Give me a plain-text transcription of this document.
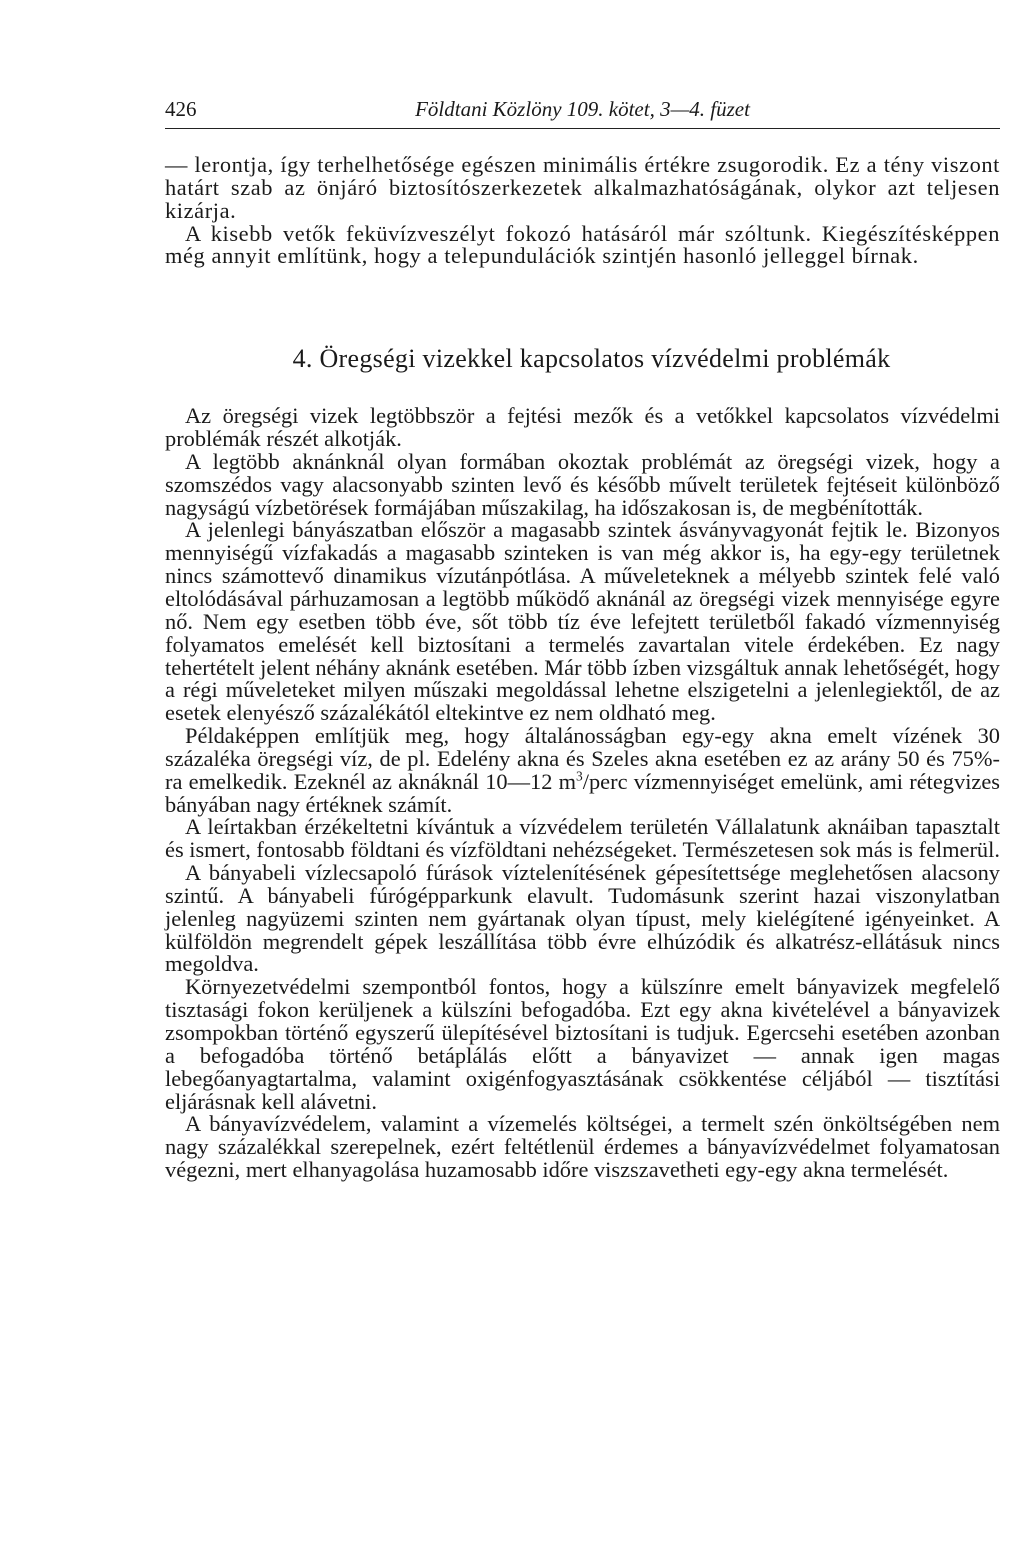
426	Földtani Közlöny 109. kötet, 3—4. füzet

— lerontja, így terhelhetősége egészen minimális értékre zsugorodik. Ez a tény viszont határt szab az önjáró biztosítószerkezetek alkalmazhatóságának, olykor azt teljesen kizárja.

A kisebb vetők feküvízveszélyt fokozó hatásáról már szóltunk. Kiegészítésképpen még annyit említünk, hogy a telepundulációk szintjén hasonló jelleggel bírnak.

4. Öregségi vizekkel kapcsolatos vízvédelmi problémák

Az öregségi vizek legtöbbször a fejtési mezők és a vetőkkel kapcsolatos vízvédelmi problémák részét alkotják.

A legtöbb aknánknál olyan formában okoztak problémát az öregségi vizek, hogy a szomszédos vagy alacsonyabb szinten levő és később művelt területek fejtéseit különböző nagyságú vízbetörések formájában műszakilag, ha időszakosan is, de megbénították.

A jelenlegi bányászatban először a magasabb szintek ásványvagyonát fejtik le. Bizonyos mennyiségű vízfakadás a magasabb szinteken is van még akkor is, ha egy-egy területnek nincs számottevő dinamikus vízutánpótlása. A műveleteknek a mélyebb szintek felé való eltolódásával párhuzamosan a legtöbb működő aknánál az öregségi vizek mennyisége egyre nő. Nem egy esetben több éve, sőt több tíz éve lefejtett területből fakadó vízmennyiség folyamatos emelését kell biztosítani a termelés zavartalan vitele érdekében. Ez nagy tehertételt jelent néhány aknánk esetében. Már több ízben vizsgáltuk annak lehetőségét, hogy a régi műveleteket milyen műszaki megoldással lehetne elszigetelni a jelenlegiektől, de az esetek elenyésző százalékától eltekintve ez nem oldható meg.

Példaképpen említjük meg, hogy általánosságban egy-egy akna emelt vízének 30 százaléka öregségi víz, de pl. Edelény akna és Szeles akna esetében ez az arány 50 és 75%-ra emelkedik. Ezeknél az aknáknál 10—12 $m^3$/perc vízmennyiséget emelünk, ami rétegvizes bányában nagy értéknek számít.

A leírtakban érzékeltetni kívántuk a vízvédelem területén Vállalatunk aknáiban tapasztalt és ismert, fontosabb földtani és vízföldtani nehézségeket. Természetesen sok más is felmerül.

A bányabeli vízlecsapoló fúrások víztelenítésének gépesítettsége meglehetősen alacsony szintű. A bányabeli fúrógépparkunk elavult. Tudomásunk szerint hazai viszonylatban jelenleg nagyüzemi szinten nem gyártanak olyan típust, mely kielégítené igényeinket. A külföldön megrendelt gépek leszállítása több évre elhúzódik és alkatrész-ellátásuk nincs megoldva.

Környezetvédelmi szempontból fontos, hogy a külszínre emelt bányavizek megfelelő tisztasági fokon kerüljenek a külszíni befogadóba. Ezt egy akna kivételével a bányavizek zsompokban történő egyszerű ülepítésével biztosítani is tudjuk. Egercsehi esetében azonban a befogadóba történő betáplálás előtt a bányavizet — annak igen magas lebegőanyagtartalma, valamint oxigénfogyasztásának csökkentése céljából — tisztítási eljárásnak kell alávetni.

A bányavízvédelem, valamint a vízemelés költségei, a termelt szén önköltségében nem nagy százalékkal szerepelnek, ezért feltétlenül érdemes a bányavízvédelmet folyamatosan végezni, mert elhanyagolása huzamosabb időre viszszavetheti egy-egy akna termelését.
